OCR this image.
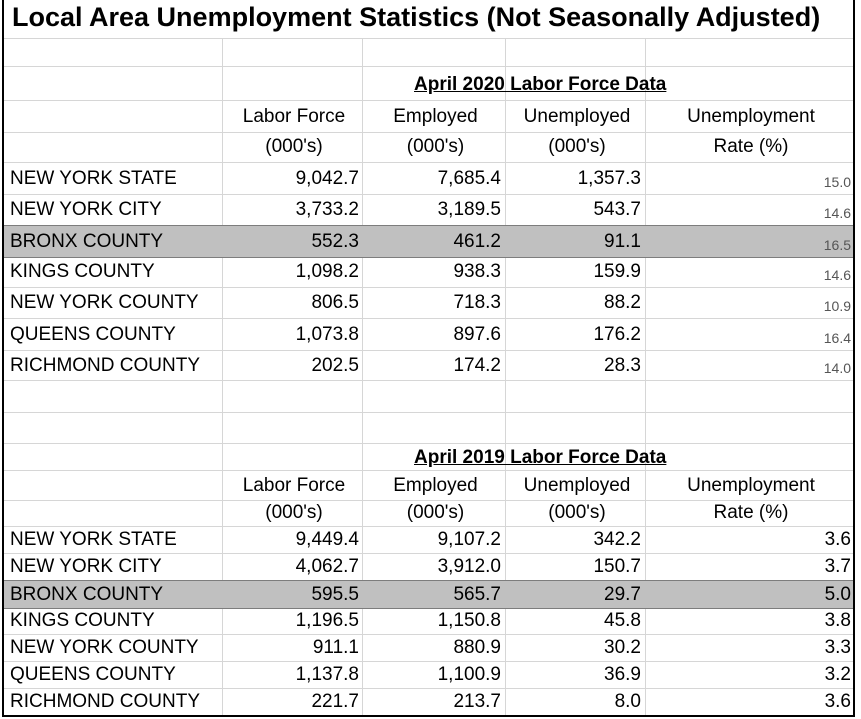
Local Area Unemployment Statistics (Not Seasonally Adjusted)
April 2020 Labor Force Data
Labor Force	Employed	Unemployed	Unemployment
(000's)	(000's)	(000's)	Rate (%)
NEW YORK STATE	9,042.7	7,685.4	1,357.3	15.0
NEW YORK CITY	3,733.2	3,189.5	543.7	14.6
BRONX COUNTY	552.3	461.2	91.1	16.5
KINGS COUNTY	1,098.2	938.3	159.9	14.6
NEW YORK COUNTY	806.5	718.3	88.2	10.9
QUEENS COUNTY	1,073.8	897.6	176.2	16.4
RICHMOND COUNTY	202.5	174.2	28.3	14.0
April 2019 Labor Force Data
Labor Force	Employed	Unemployed	Unemployment
(000's)	(000's)	(000's)	Rate (%)
NEW YORK STATE	9,449.4	9,107.2	342.2	3.6
NEW YORK CITY	4,062.7	3,912.0	150.7	3.7
BRONX COUNTY	595.5	565.7	29.7	5.0
KINGS COUNTY	1,196.5	1,150.8	45.8	3.8
NEW YORK COUNTY	911.1	880.9	30.2	3.3
QUEENS COUNTY	1,137.8	1,100.9	36.9	3.2
RICHMOND COUNTY	221.7	213.7	8.0	3.6
